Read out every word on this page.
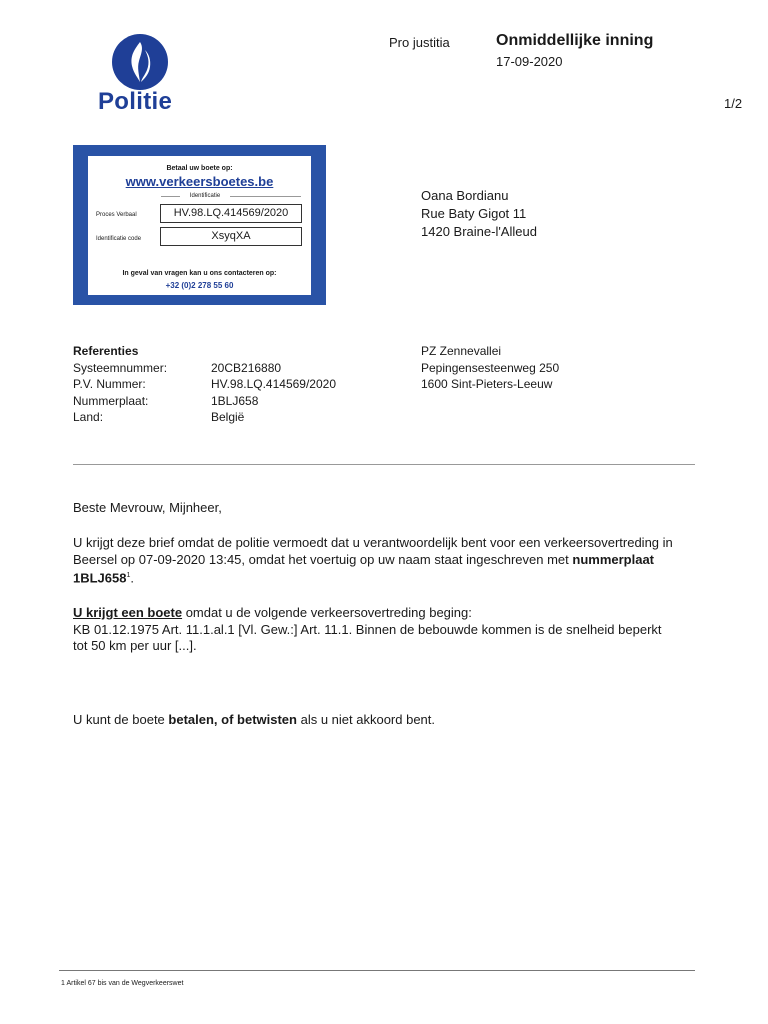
Politie
Pro justitia	Onmiddellijke inning
17-09-2020
1/2
Betaal uw boete op:
www.verkeersboetes.be
Identificatie
Proces Verbaal	HV.98.LQ.414569/2020
Identificatie code	XsyqXA
In geval van vragen kan u ons contacteren op:
+32 (0)2 278 55 60
Oana Bordianu
Rue Baty Gigot 11
1420 Braine-l'Alleud
Referenties
Systeemnummer:	20CB216880
P.V. Nummer:	HV.98.LQ.414569/2020
Nummerplaat:	1BLJ658
Land:	België
PZ Zennevallei
Pepingensesteenweg 250
1600 Sint-Pieters-Leeuw
Beste Mevrouw, Mijnheer,
U krijgt deze brief omdat de politie vermoedt dat u verantwoordelijk bent voor een verkeersovertreding in Beersel op 07-09-2020 13:45, omdat het voertuig op uw naam staat ingeschreven met nummerplaat $1BLJ658^1$.
U krijgt een boete omdat u de volgende verkeersovertreding beging:
KB 01.12.1975 Art. 11.1.al.1 [Vl. Gew.:] Art. 11.1. Binnen de bebouwde kommen is de snelheid beperkt tot 50 km per uur [...].
U kunt de boete betalen, of betwisten als u niet akkoord bent.
1 Artikel 67 bis van de Wegverkeerswet
